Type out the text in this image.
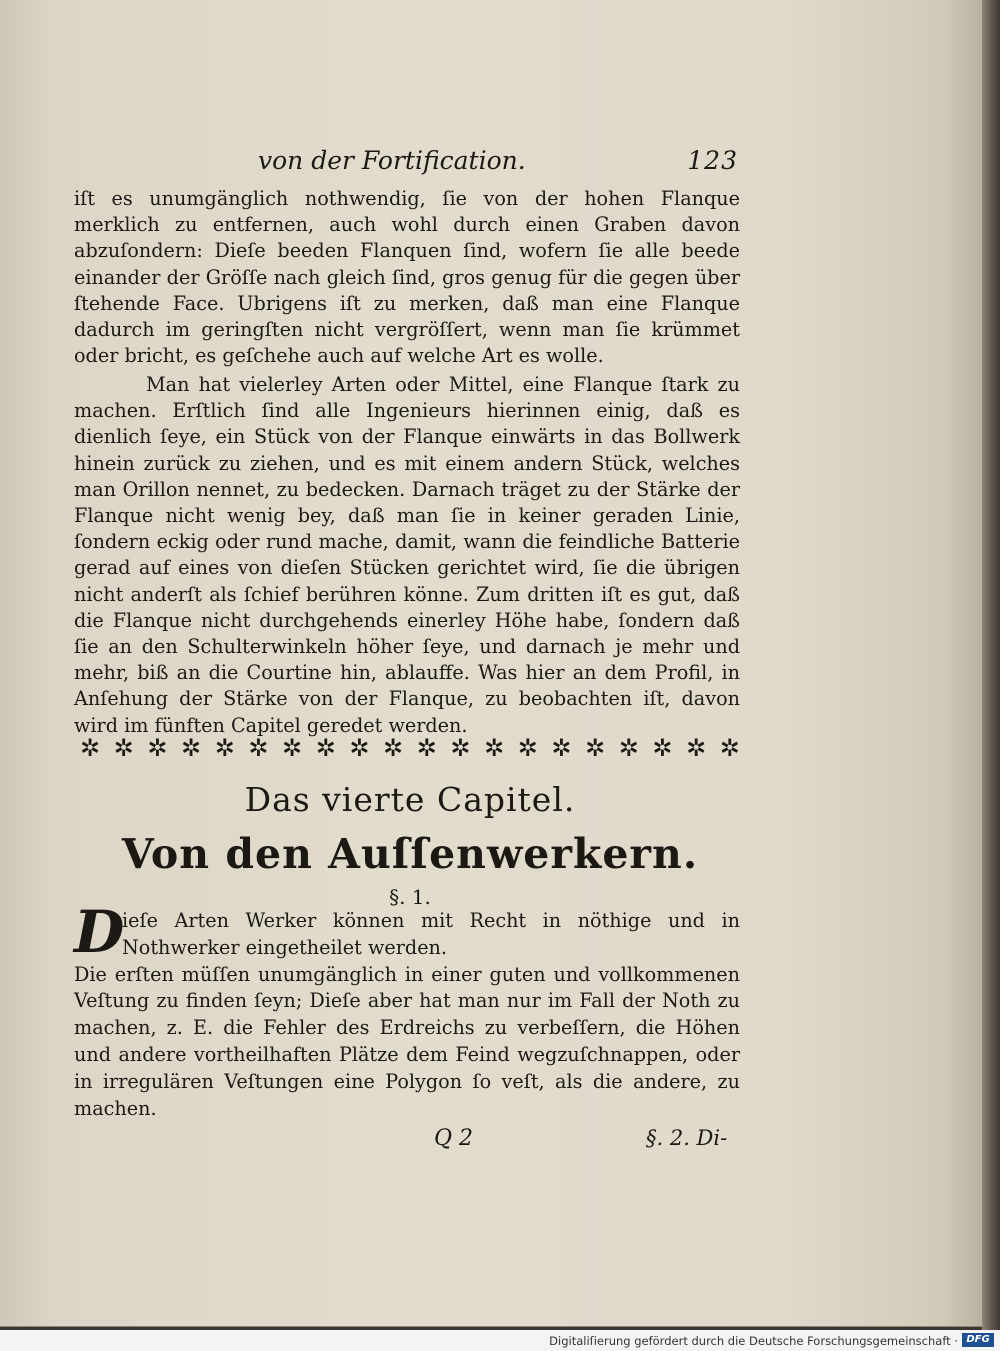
von der Fortification.	123
iſt es unumgänglich nothwendig, ſie von der hohen Flanque merklich zu entfernen, auch wohl durch einen Graben davon abzuſondern: Dieſe beeden Flanquen ſind, wofern ſie alle beede einander der Gröſſe nach gleich ſind, gros genug für die gegen über ſtehende Face. Ubrigens iſt zu merken, daß man eine Flanque dadurch im geringſten nicht vergröſſert, wenn man ſie krümmet oder bricht, es geſchehe auch auf welche Art es wolle.
Man hat vielerley Arten oder Mittel, eine Flanque ſtark zu machen. Erſtlich ſind alle Ingenieurs hierinnen einig, daß es dienlich ſeye, ein Stück von der Flanque einwärts in das Bollwerk hinein zurück zu ziehen, und es mit einem andern Stück, welches man Orillon nennet, zu bedecken. Darnach träget zu der Stärke der Flanque nicht wenig bey, daß man ſie in keiner geraden Linie, ſondern eckig oder rund mache, damit, wann die feindliche Batterie gerad auf eines von dieſen Stücken gerichtet wird, ſie die übrigen nicht anderſt als ſchief berühren könne. Zum dritten iſt es gut, daß die Flanque nicht durchgehends einerley Höhe habe, ſondern daß ſie an den Schulterwinkeln höher ſeye, und darnach je mehr und mehr, biß an die Courtine hin, ablauffe. Was hier an dem Profil, in Anſehung der Stärke von der Flanque, zu beobachten iſt, davon wird im fünften Capitel geredet werden.
✲ ✲ ✲ ✲ ✲ ✲ ✲ ✲ ✲ ✲ ✲ ✲ ✲ ✲ ✲ ✲ ✲ ✲ ✲ ✲
Das vierte Capitel.
Von den Auſſenwerkern.
§. 1.
D
ieſe Arten Werker können mit Recht in nöthige und in Nothwerker eingetheilet werden.
Die erſten müſſen unumgänglich in einer guten und vollkommenen Veſtung zu finden ſeyn; Dieſe aber hat man nur im Fall der Noth zu machen, z. E. die Fehler des Erdreichs zu verbeſſern, die Höhen und andere vortheilhaften Plätze dem Feind wegzuſchnappen, oder in irregulären Veſtungen eine Polygon ſo veſt, als die andere, zu machen.
Q 2	§. 2. Di-
Digitaliſierung gefördert durch die Deutsche Forschungsgemeinschaft · DFG
